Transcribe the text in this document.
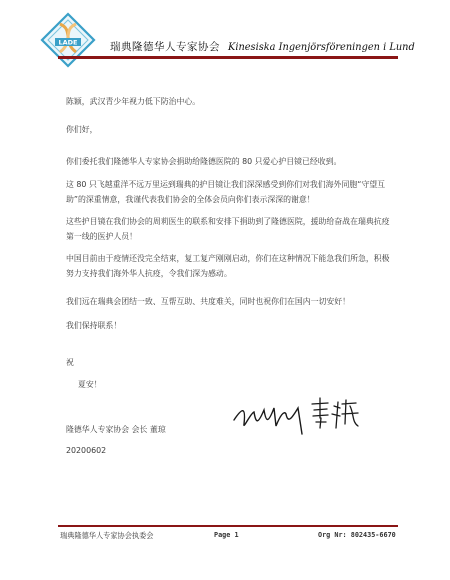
LADE	瑞典隆德华人专家协会 Kinesiska Ingenjörsföreningen i Lund
陈颖，武汉青少年视力低下防治中心。
你们好，
你们委托我们隆德华人专家协会捐助给隆德医院的 80 只爱心护目镜已经收到。
这 80 只飞越重洋不远万里运到瑞典的护目镜让我们深深感受到你们对我们海外同胞“守望互助”的深重情意，我谨代表我们协会的全体会员向你们表示深深的谢意！
这些护目镜在我们协会的周莉医生的联系和安排下捐助到了隆德医院，援助给奋战在瑞典抗疫第一线的医护人员！
中国目前由于疫情还没完全结束，复工复产刚刚启动，你们在这种情况下能急我们所急，积极努力支持我们海外华人抗疫，令我们深为感动。
我们远在瑞典会团结一致、互帮互助、共度难关，同时也祝你们在国内一切安好！
我们保持联系！
祝
夏安！
隆德华人专家协会 会长 董琼
20200602
瑞典隆德华人专家协会执委会	Page 1	Org Nr: 802435-6670
